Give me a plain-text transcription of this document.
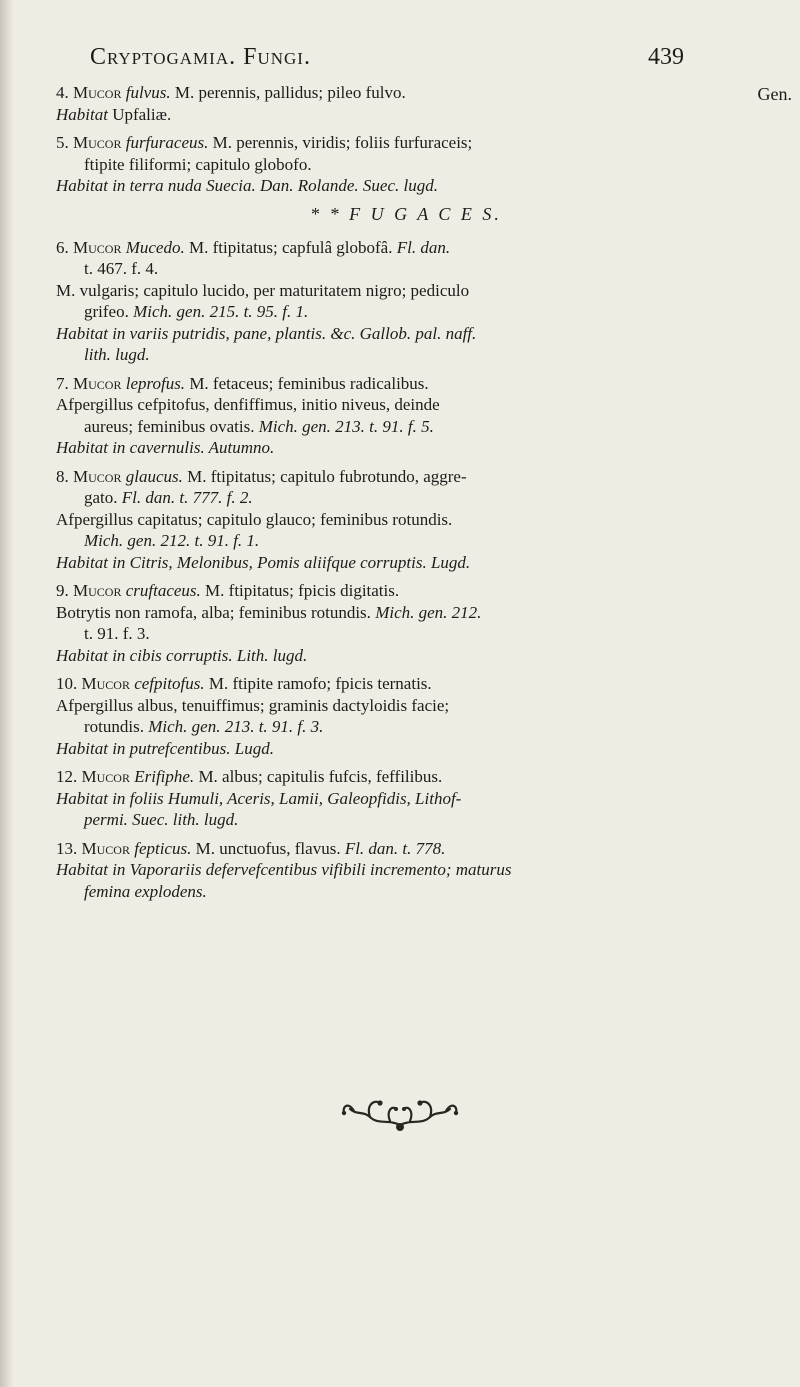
Cryptogamia. Fungi.	439
Gen.

4. Mucor fulvus. M. perennis, pallidus; pileo fulvo.

Habitat Upfaliæ.

5. Mucor furfuraceus. M. perennis, viridis; foliis furfuraceis;

ftipite filiformi; capitulo globofo.

Habitat in terra nuda Suecia. Dan. Rolande. Suec. lugd.

* * F U G A C E S.

6. Mucor Mucedo. M. ftipitatus; capfulâ globofâ. Fl. dan.

t. 467. f. 4.

M. vulgaris; capitulo lucido, per maturitatem nigro; pediculo

grifeo. Mich. gen. 215. t. 95. f. 1.

Habitat in variis putridis, pane, plantis. &c. Gallob. pal. naff.

lith. lugd.

7. Mucor leprofus. M. fetaceus; feminibus radicalibus.

Afpergillus cefpitofus, denfiffimus, initio niveus, deinde

aureus; feminibus ovatis. Mich. gen. 213. t. 91. f. 5.

Habitat in cavernulis. Autumno.

8. Mucor glaucus. M. ftipitatus; capitulo fubrotundo, aggre-

gato. Fl. dan. t. 777. f. 2.

Afpergillus capitatus; capitulo glauco; feminibus rotundis.

Mich. gen. 212. t. 91. f. 1.

Habitat in Citris, Melonibus, Pomis aliifque corruptis. Lugd.

9. Mucor cruftaceus. M. ftipitatus; fpicis digitatis.

Botrytis non ramofa, alba; feminibus rotundis. Mich. gen. 212.

t. 91. f. 3.

Habitat in cibis corruptis. Lith. lugd.

10. Mucor cefpitofus. M. ftipite ramofo; fpicis ternatis.

Afpergillus albus, tenuiffimus; graminis dactyloidis facie;

rotundis. Mich. gen. 213. t. 91. f. 3.

Habitat in putrefcentibus. Lugd.

12. Mucor Erifiphe. M. albus; capitulis fufcis, feffilibus.

Habitat in foliis Humuli, Aceris, Lamii, Galeopfidis, Lithof-

permi. Suec. lith. lugd.

13. Mucor fepticus. M. unctuofus, flavus. Fl. dan. t. 778.

Habitat in Vaporariis defervefcentibus vifibili incremento; maturus

femina explodens.
